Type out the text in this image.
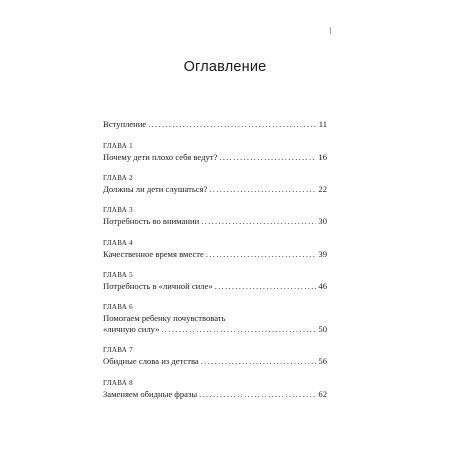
Оглавление
Вступление .....	11
ГЛАВА 1
Почему дети плохо себя ведут? .....	16
ГЛАВА 2
Должны ли дети слушаться? .....	22
ГЛАВА 3
Потребность во внимании .....	30
ГЛАВА 4
Качественное время вместе .....	39
ГЛАВА 5
Потребность в «личной силе» .....	46
ГЛАВА 6
Помогаем ребенку почувствовать
«личную силу» .....	50
ГЛАВА 7
Обидные слова из детства .....	56
ГЛАВА 8
Заменяем обидные фразы .....	62
